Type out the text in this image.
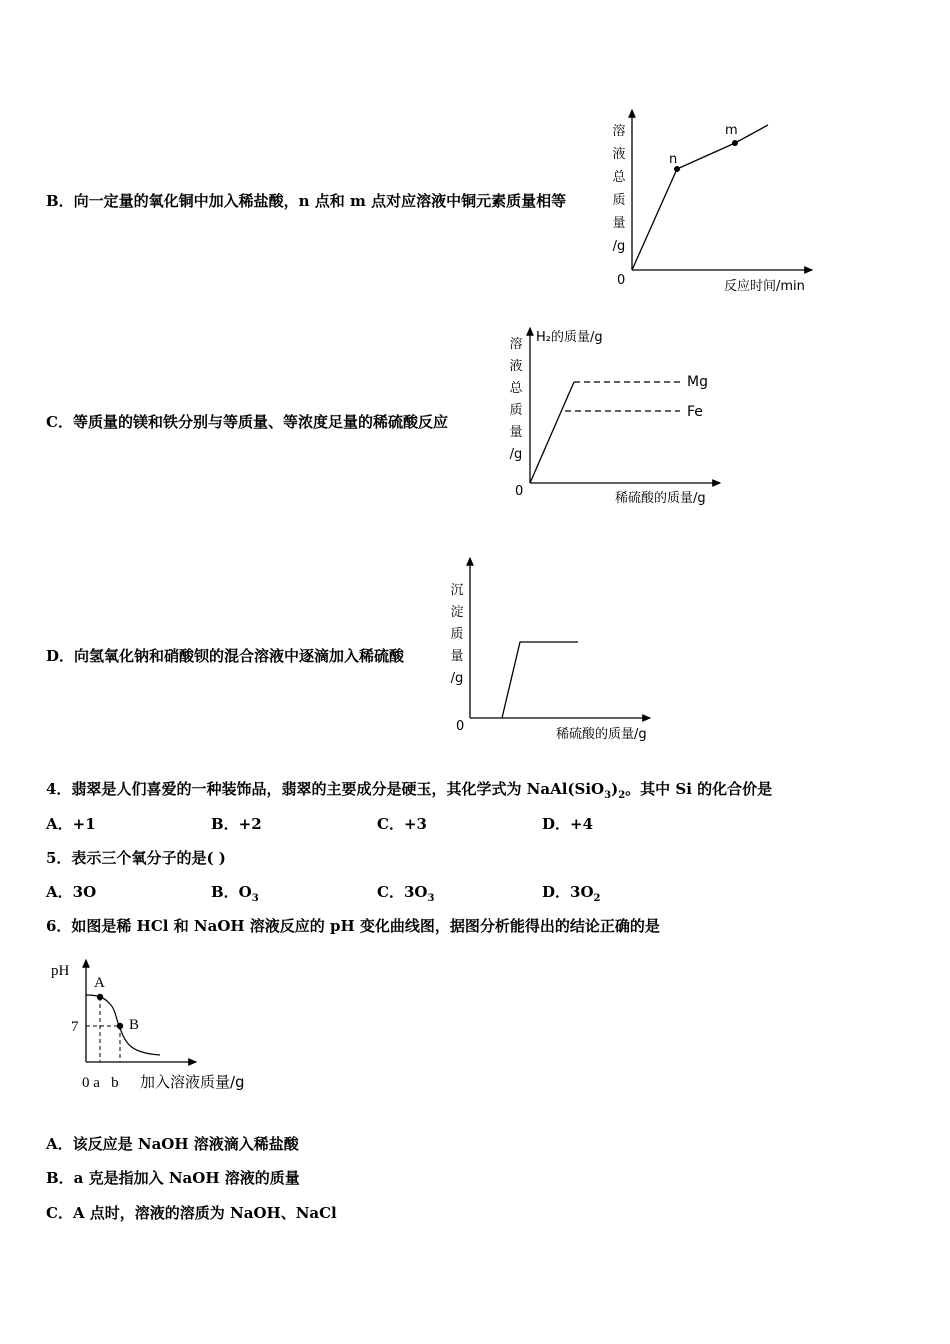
B．向一定量的氧化铜中加入稀盐酸，n 点和 m 点对应溶液中铜元素质量相等
溶
液
总
质
量
/g
n
m
0	反应时间/min
C．等质量的镁和铁分别与等质量、等浓度足量的稀硫酸反应
溶
液
总
质
量
/g
H₂的质量/g
Mg
Fe
0	稀硫酸的质量/g
D．向氢氧化钠和硝酸钡的混合溶液中逐滴加入稀硫酸
沉
淀
质
量
/g
0
稀硫酸的质量/g
4．翡翠是人们喜爱的一种装饰品，翡翠的主要成分是硬玉，其化学式为 $NaAl(SiO_3)_2$。其中 Si 的化合价是
A．+1	B．+2	C．+3	D．+4
5．表示三个氧分子的是( )
A．3O	B．$O_3$	C．$3O_3$	D．$3O_2$
6．如图是稀 HCl 和 NaOH 溶液反应的 pH 变化曲线图，据图分析能得出的结论正确的是
pH
A
B
7
0 a   b 加入溶液质量/g
A．该反应是 NaOH 溶液滴入稀盐酸
B．a 克是指加入 NaOH 溶液的质量
C．A 点时，溶液的溶质为 NaOH、NaCl
